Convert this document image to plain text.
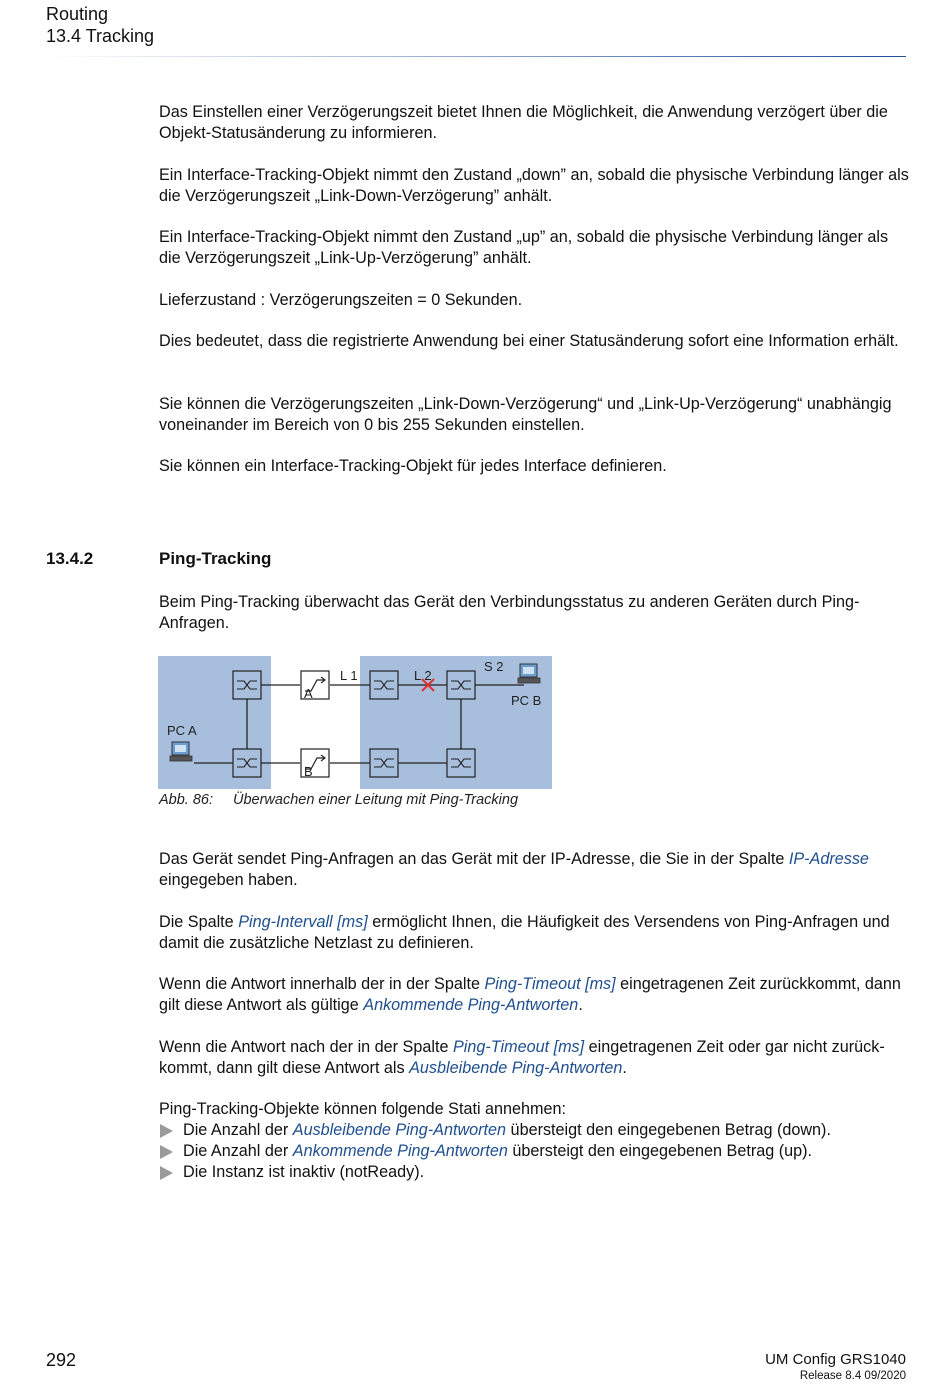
Routing
13.4 Tracking
Das Einstellen einer Verzögerungszeit bietet Ihnen die Möglichkeit, die Anwendung verzögert über die Objekt-Statusänderung zu informieren.
Ein Interface-Tracking-Objekt nimmt den Zustand „down” an, sobald die physische Verbindung länger als die Verzögerungszeit „Link-Down-Verzögerung” anhält.
Ein Interface-Tracking-Objekt nimmt den Zustand „up” an, sobald die physische Verbindung länger als die Verzögerungszeit „Link-Up-Verzögerung” anhält.
Lieferzustand : Verzögerungszeiten = 0 Sekunden.
Dies bedeutet, dass die registrierte Anwendung bei einer Statusänderung sofort eine Information erhält.
Sie können die Verzögerungszeiten „Link-Down-Verzögerung“ und „Link-Up-Verzögerung“ unabhängig voneinander im Bereich von 0 bis 255 Sekunden einstellen.
Sie können ein Interface-Tracking-Objekt für jedes Interface definieren.
13.4.2	Ping-Tracking
Beim Ping-Tracking überwacht das Gerät den Verbindungsstatus zu anderen Geräten durch Ping-Anfragen.
L 1	L 2
S 2
PC A
PC B
A
B
Abb. 86: Überwachen einer Leitung mit Ping-Tracking
Das Gerät sendet Ping-Anfragen an das Gerät mit der IP-Adresse, die Sie in der Spalte IP-Adresse eingegeben haben.
Die Spalte Ping-Intervall [ms] ermöglicht Ihnen, die Häufigkeit des Versendens von Ping-Anfragen und damit die zusätzliche Netzlast zu definieren.
Wenn die Antwort innerhalb der in der Spalte Ping-Timeout [ms] eingetragenen Zeit zurückkommt, dann gilt diese Antwort als gültige Ankommende Ping-Antworten.
Wenn die Antwort nach der in der Spalte Ping-Timeout [ms] eingetragenen Zeit oder gar nicht zurückkommt, dann gilt diese Antwort als Ausbleibende Ping-Antworten.
Ping-Tracking-Objekte können folgende Stati annehmen:
Die Anzahl der Ausbleibende Ping-Antworten übersteigt den eingegebenen Betrag (down).
Die Anzahl der Ankommende Ping-Antworten übersteigt den eingegebenen Betrag (up).
Die Instanz ist inaktiv (notReady).
292	UM Config GRS1040
Release 8.4 09/2020
